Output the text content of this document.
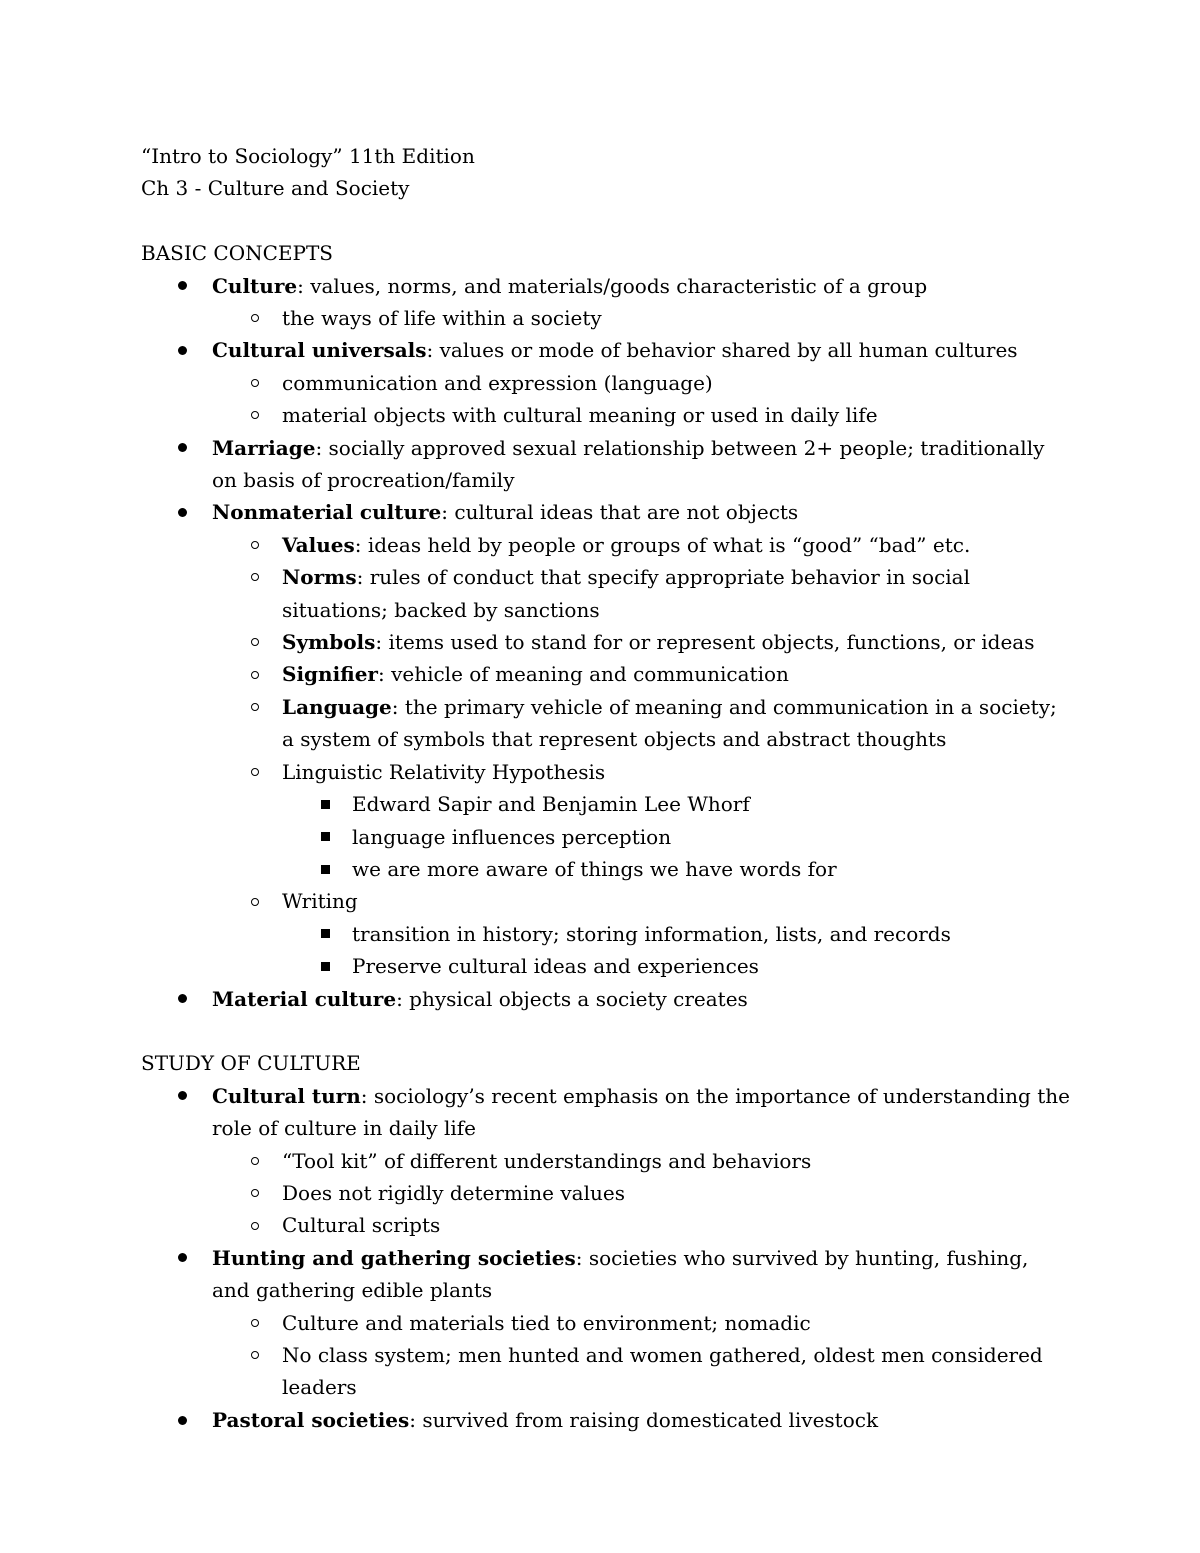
“Intro to Sociology” 11th Edition

Ch 3 - Culture and Society

BASIC CONCEPTS

Culture: values, norms, and materials/goods characteristic of a group
the ways of life within a society
Cultural universals: values or mode of behavior shared by all human cultures
communication and expression (language)
material objects with cultural meaning or used in daily life
Marriage: socially approved sexual relationship between 2+ people; traditionally on basis of procreation/family
Nonmaterial culture: cultural ideas that are not objects
Values: ideas held by people or groups of what is “good” “bad” etc.
Norms: rules of conduct that specify appropriate behavior in social situations; backed by sanctions
Symbols: items used to stand for or represent objects, functions, or ideas
Signifier: vehicle of meaning and communication
Language: the primary vehicle of meaning and communication in a society; a system of symbols that represent objects and abstract thoughts
Linguistic Relativity Hypothesis
Edward Sapir and Benjamin Lee Whorf
language influences perception
we are more aware of things we have words for
Writing
transition in history; storing information, lists, and records
Preserve cultural ideas and experiences
Material culture: physical objects a society creates

STUDY OF CULTURE

Cultural turn: sociology’s recent emphasis on the importance of understanding the role of culture in daily life
“Tool kit” of different understandings and behaviors
Does not rigidly determine values
Cultural scripts
Hunting and gathering societies: societies who survived by hunting, fushing, and gathering edible plants
Culture and materials tied to environment; nomadic
No class system; men hunted and women gathered, oldest men considered leaders
Pastoral societies: survived from raising domesticated livestock
